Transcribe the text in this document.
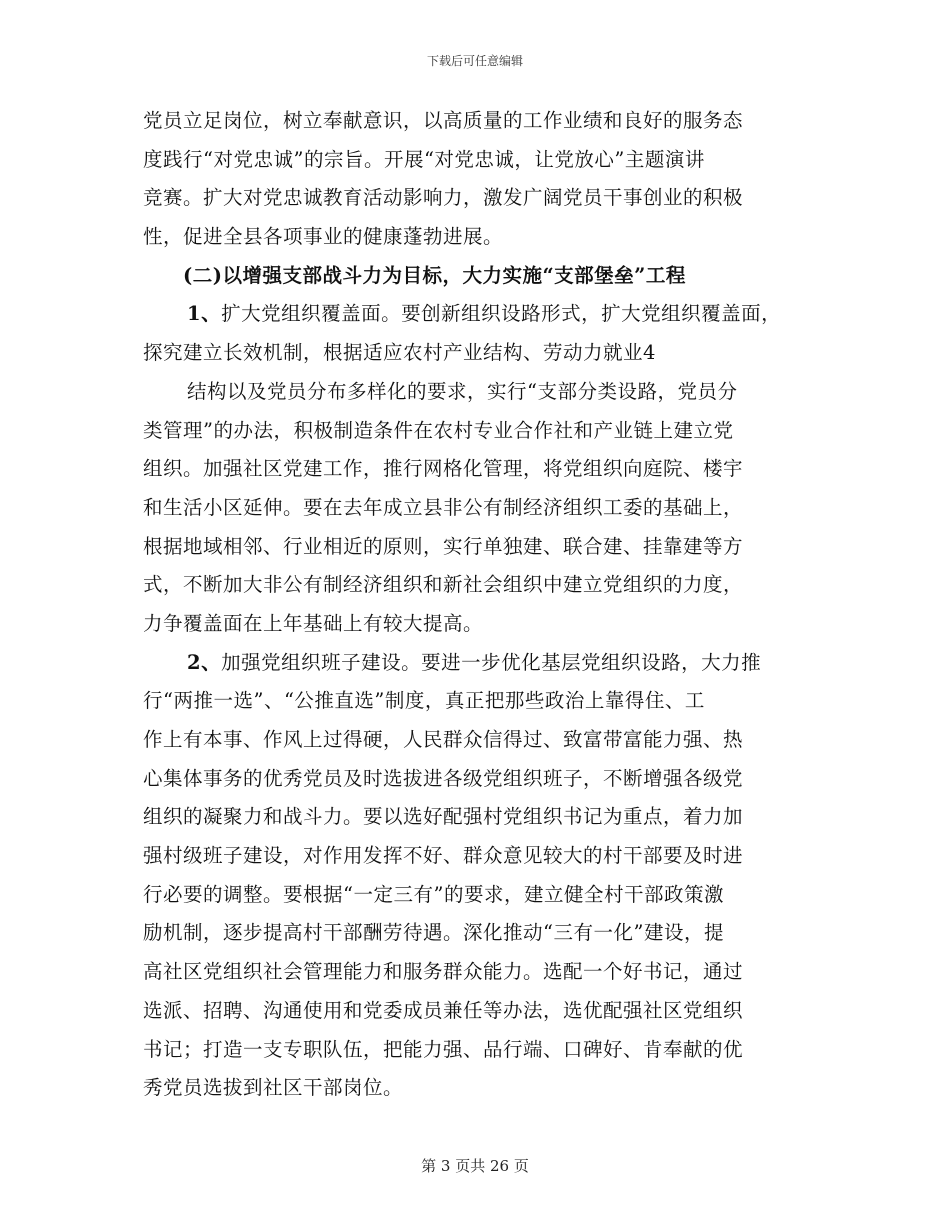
下载后可任意编辑
党员立足岗位，树立奉献意识，以高质量的工作业绩和良好的服务态
度践行“对党忠诚”的宗旨。开展“对党忠诚，让党放心”主题演讲
竞赛。扩大对党忠诚教育活动影响力，激发广阔党员干事创业的积极
性，促进全县各项事业的健康蓬勃进展。
(二)以增强支部战斗力为目标，大力实施“支部堡垒”工程
1、扩大党组织覆盖面。要创新组织设路形式，扩大党组织覆盖面，
探究建立长效机制，根据适应农村产业结构、劳动力就业4
结构以及党员分布多样化的要求，实行“支部分类设路，党员分
类管理”的办法，积极制造条件在农村专业合作社和产业链上建立党
组织。加强社区党建工作，推行网格化管理，将党组织向庭院、楼宇
和生活小区延伸。要在去年成立县非公有制经济组织工委的基础上，
根据地域相邻、行业相近的原则，实行单独建、联合建、挂靠建等方
式，不断加大非公有制经济组织和新社会组织中建立党组织的力度，
力争覆盖面在上年基础上有较大提高。
2、加强党组织班子建设。要进一步优化基层党组织设路，大力推
行“两推一选”、“公推直选”制度，真正把那些政治上靠得住、工
作上有本事、作风上过得硬，人民群众信得过、致富带富能力强、热
心集体事务的优秀党员及时选拔进各级党组织班子，不断增强各级党
组织的凝聚力和战斗力。要以选好配强村党组织书记为重点，着力加
强村级班子建设，对作用发挥不好、群众意见较大的村干部要及时进
行必要的调整。要根据“一定三有”的要求，建立健全村干部政策激
励机制，逐步提高村干部酬劳待遇。深化推动“三有一化”建设，提
高社区党组织社会管理能力和服务群众能力。选配一个好书记，通过
选派、招聘、沟通使用和党委成员兼任等办法，选优配强社区党组织
书记；打造一支专职队伍，把能力强、品行端、口碑好、肯奉献的优
秀党员选拔到社区干部岗位。
第 3 页共 26 页
